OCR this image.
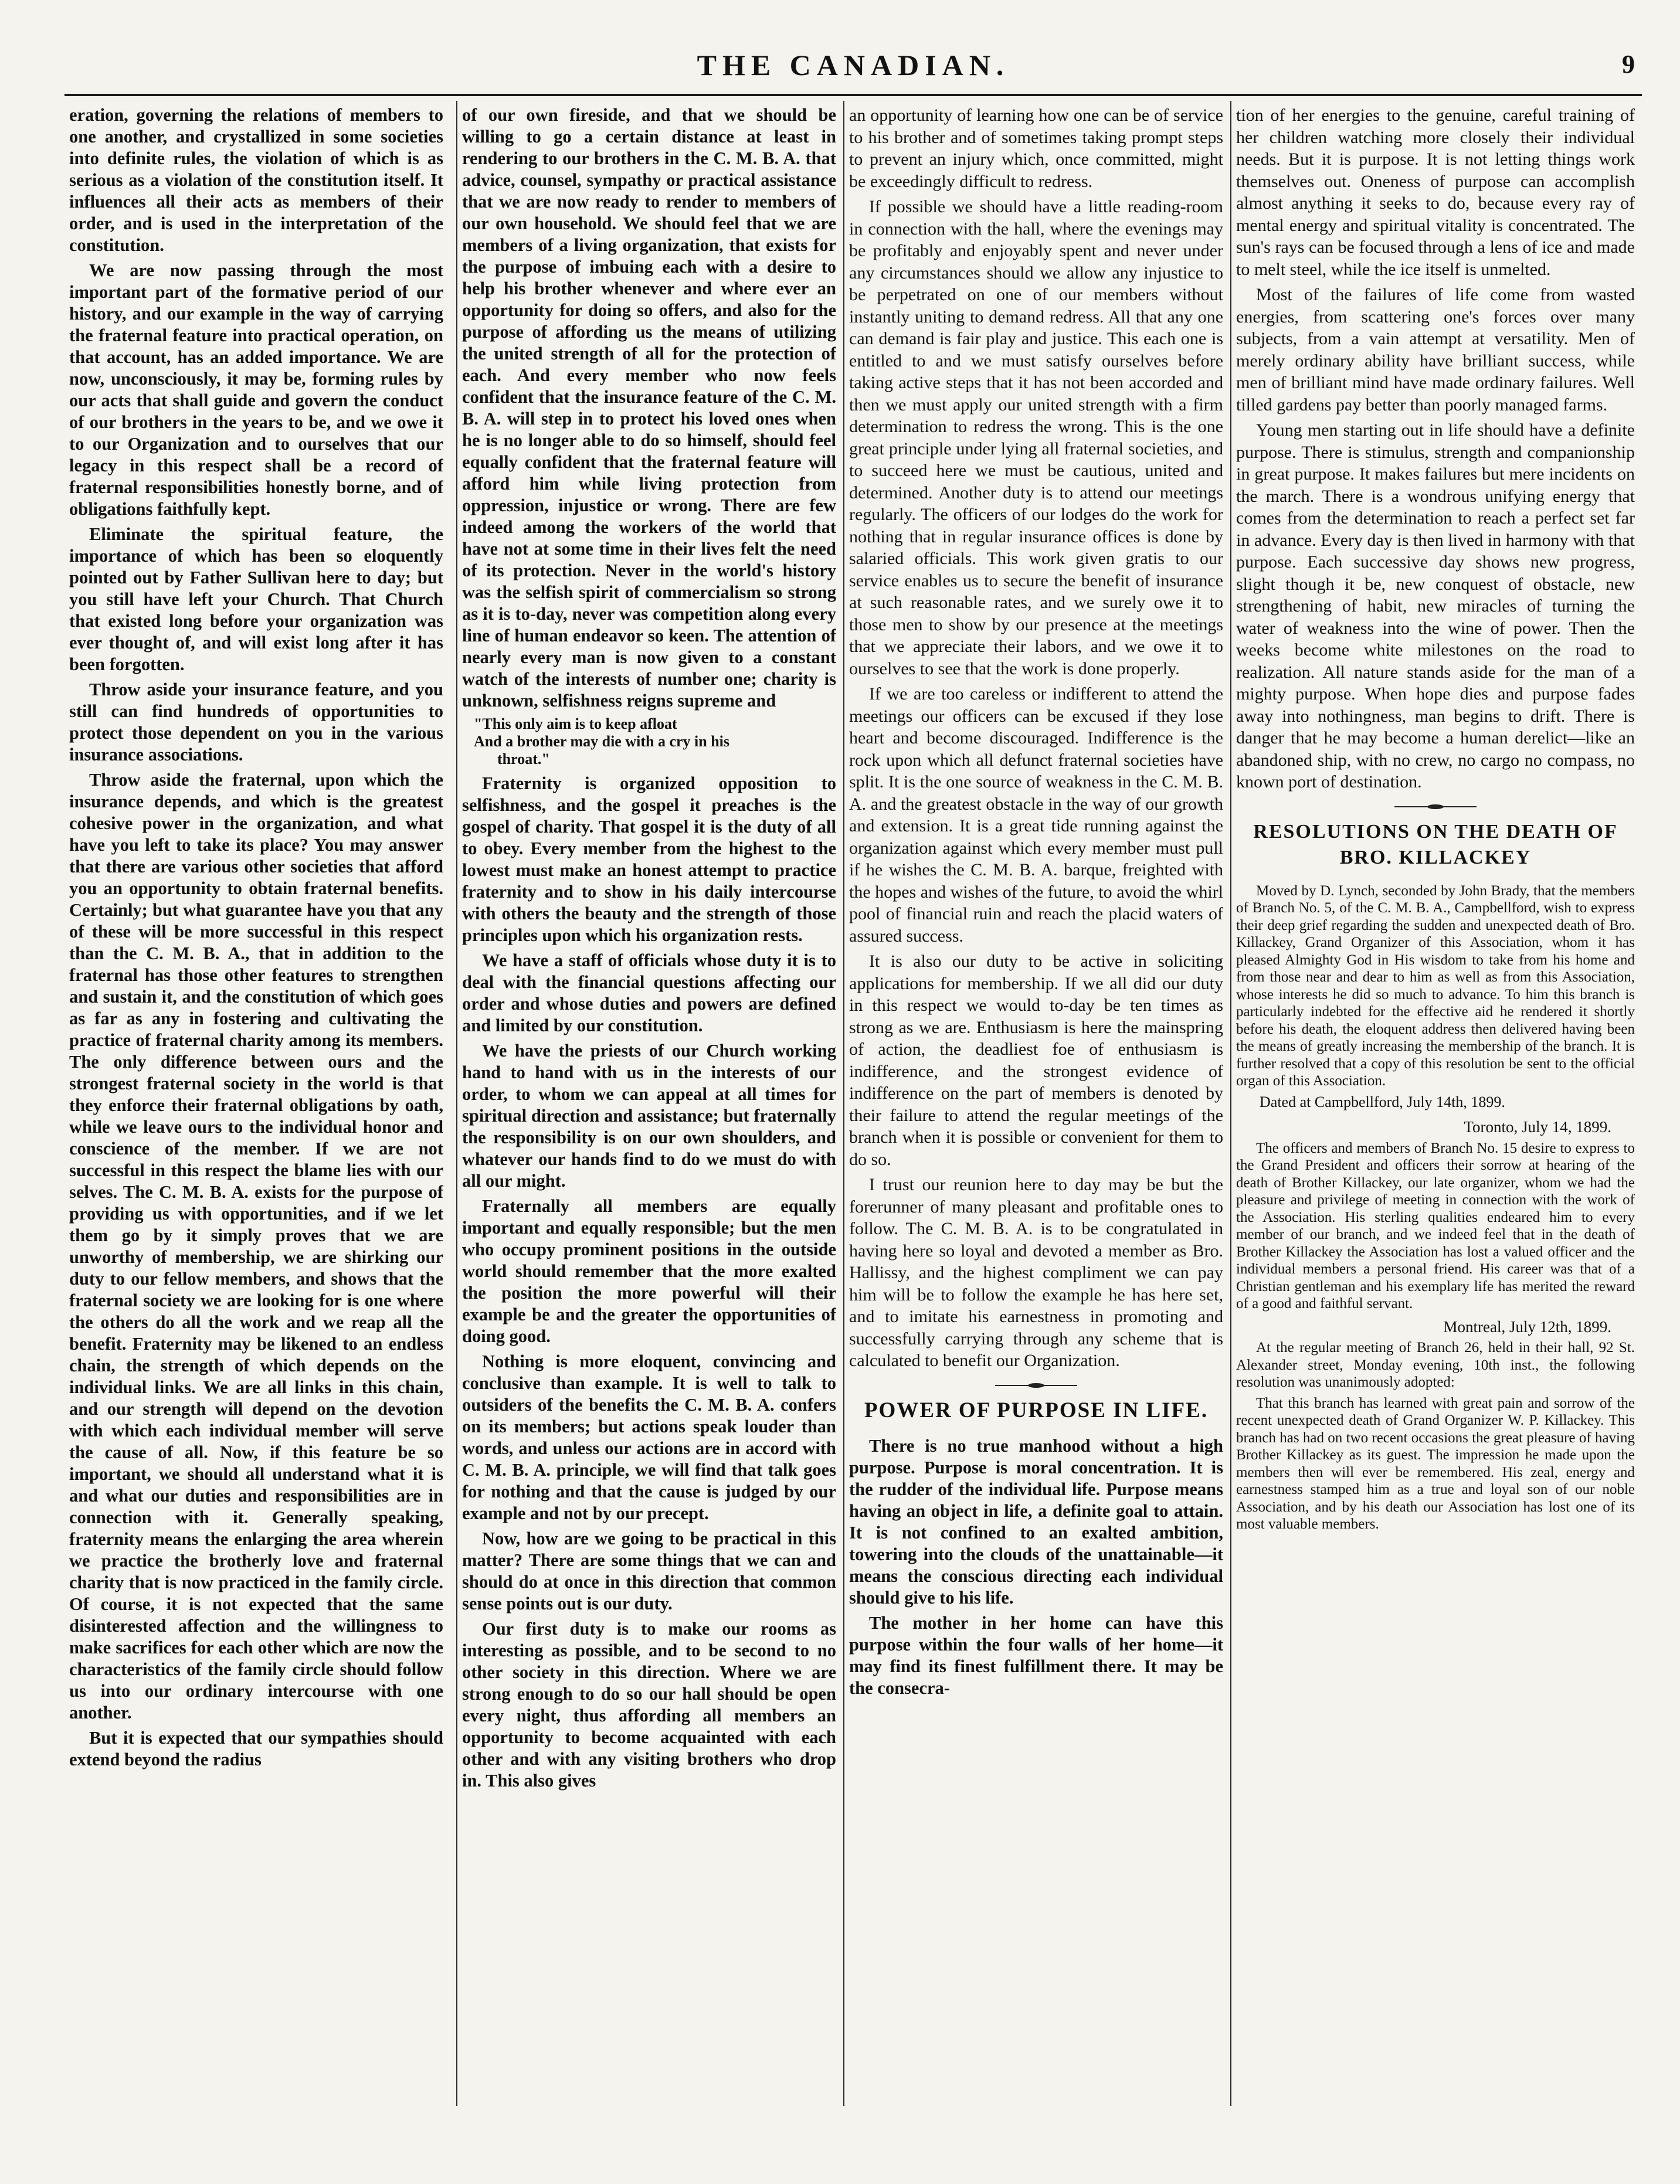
THE CANADIAN.	9

eration, governing the relations of members to one another, and crystallized in some societies into definite rules, the violation of which is as serious as a violation of the constitution itself. It influences all their acts as members of their order, and is used in the interpretation of the constitution.

We are now passing through the most important part of the formative period of our history, and our example in the way of carrying the fraternal feature into practical operation, on that account, has an added importance. We are now, unconsciously, it may be, forming rules by our acts that shall guide and govern the conduct of our brothers in the years to be, and we owe it to our Organization and to ourselves that our legacy in this respect shall be a record of fraternal responsibilities honestly borne, and of obligations faithfully kept.

Eliminate the spiritual feature, the importance of which has been so eloquently pointed out by Father Sullivan here to day; but you still have left your Church. That Church that existed long before your organization was ever thought of, and will exist long after it has been forgotten.

Throw aside your insurance feature, and you still can find hundreds of opportunities to protect those dependent on you in the various insurance associations.

Throw aside the fraternal, upon which the insurance depends, and which is the greatest cohesive power in the organization, and what have you left to take its place? You may answer that there are various other societies that afford you an opportunity to obtain fraternal benefits. Certainly; but what guarantee have you that any of these will be more successful in this respect than the C. M. B. A., that in addition to the fraternal has those other features to strengthen and sustain it, and the constitution of which goes as far as any in fostering and cultivating the practice of fraternal charity among its members. The only difference between ours and the strongest fraternal society in the world is that they enforce their fraternal obligations by oath, while we leave ours to the individual honor and conscience of the member. If we are not successful in this respect the blame lies with our selves. The C. M. B. A. exists for the purpose of providing us with opportunities, and if we let them go by it simply proves that we are unworthy of membership, we are shirking our duty to our fellow members, and shows that the fraternal society we are looking for is one where the others do all the work and we reap all the benefit. Fraternity may be likened to an endless chain, the strength of which depends on the individual links. We are all links in this chain, and our strength will depend on the devotion with which each individual member will serve the cause of all. Now, if this feature be so important, we should all understand what it is and what our duties and responsibilities are in connection with it. Generally speaking, fraternity means the enlarging the area wherein we practice the brotherly love and fraternal charity that is now practiced in the family circle. Of course, it is not expected that the same disinterested affection and the willingness to make sacrifices for each other which are now the characteristics of the family circle should follow us into our ordinary intercourse with one another.

But it is expected that our sympathies should extend beyond the radius

of our own fireside, and that we should be willing to go a certain distance at least in rendering to our brothers in the C. M. B. A. that advice, counsel, sympathy or practical assistance that we are now ready to render to members of our own household. We should feel that we are members of a living organization, that exists for the purpose of imbuing each with a desire to help his brother whenever and where ever an opportunity for doing so offers, and also for the purpose of affording us the means of utilizing the united strength of all for the protection of each. And every member who now feels confident that the insurance feature of the C. M. B. A. will step in to protect his loved ones when he is no longer able to do so himself, should feel equally confident that the fraternal feature will afford him while living protection from oppression, injustice or wrong. There are few indeed among the workers of the world that have not at some time in their lives felt the need of its protection. Never in the world's history was the selfish spirit of commercialism so strong as it is to-day, never was competition along every line of human endeavor so keen. The attention of nearly every man is now given to a constant watch of the interests of number one; charity is unknown, selfishness reigns supreme and

"This only aim is to keep afloat
And a brother may die with a cry in his
throat."

Fraternity is organized opposition to selfishness, and the gospel it preaches is the gospel of charity. That gospel it is the duty of all to obey. Every member from the highest to the lowest must make an honest attempt to practice fraternity and to show in his daily intercourse with others the beauty and the strength of those principles upon which his organization rests.

We have a staff of officials whose duty it is to deal with the financial questions affecting our order and whose duties and powers are defined and limited by our constitution.

We have the priests of our Church working hand to hand with us in the interests of our order, to whom we can appeal at all times for spiritual direction and assistance; but fraternally the responsibility is on our own shoulders, and whatever our hands find to do we must do with all our might.

Fraternally all members are equally important and equally responsible; but the men who occupy prominent positions in the outside world should remember that the more exalted the position the more powerful will their example be and the greater the opportunities of doing good.

Nothing is more eloquent, convincing and conclusive than example. It is well to talk to outsiders of the benefits the C. M. B. A. confers on its members; but actions speak louder than words, and unless our actions are in accord with C. M. B. A. principle, we will find that talk goes for nothing and that the cause is judged by our example and not by our precept.

Now, how are we going to be practical in this matter? There are some things that we can and should do at once in this direction that common sense points out is our duty.

Our first duty is to make our rooms as interesting as possible, and to be second to no other society in this direction. Where we are strong enough to do so our hall should be open every night, thus affording all members an opportunity to become acquainted with each other and with any visiting brothers who drop in. This also gives

an opportunity of learning how one can be of service to his brother and of sometimes taking prompt steps to prevent an injury which, once committed, might be exceedingly difficult to redress.

If possible we should have a little reading-room in connection with the hall, where the evenings may be profitably and enjoyably spent and never under any circumstances should we allow any injustice to be perpetrated on one of our members without instantly uniting to demand redress. All that any one can demand is fair play and justice. This each one is entitled to and we must satisfy ourselves before taking active steps that it has not been accorded and then we must apply our united strength with a firm determination to redress the wrong. This is the one great principle under lying all fraternal societies, and to succeed here we must be cautious, united and determined. Another duty is to attend our meetings regularly. The officers of our lodges do the work for nothing that in regular insurance offices is done by salaried officials. This work given gratis to our service enables us to secure the benefit of insurance at such reasonable rates, and we surely owe it to those men to show by our presence at the meetings that we appreciate their labors, and we owe it to ourselves to see that the work is done properly.

If we are too careless or indifferent to attend the meetings our officers can be excused if they lose heart and become discouraged. Indifference is the rock upon which all defunct fraternal societies have split. It is the one source of weakness in the C. M. B. A. and the greatest obstacle in the way of our growth and extension. It is a great tide running against the organization against which every member must pull if he wishes the C. M. B. A. barque, freighted with the hopes and wishes of the future, to avoid the whirl pool of financial ruin and reach the placid waters of assured success.

It is also our duty to be active in soliciting applications for membership. If we all did our duty in this respect we would to-day be ten times as strong as we are. Enthusiasm is here the mainspring of action, the deadliest foe of enthusiasm is indifference, and the strongest evidence of indifference on the part of members is denoted by their failure to attend the regular meetings of the branch when it is possible or convenient for them to do so.

I trust our reunion here to day may be but the forerunner of many pleasant and profitable ones to follow. The C. M. B. A. is to be congratulated in having here so loyal and devoted a member as Bro. Hallissy, and the highest compliment we can pay him will be to follow the example he has here set, and to imitate his earnestness in promoting and successfully carrying through any scheme that is calculated to benefit our Organization.

POWER OF PURPOSE IN LIFE.

There is no true manhood without a high purpose. Purpose is moral concentration. It is the rudder of the individual life. Purpose means having an object in life, a definite goal to attain. It is not confined to an exalted ambition, towering into the clouds of the unattainable—it means the conscious directing each individual should give to his life.

The mother in her home can have this purpose within the four walls of her home—it may find its finest fulfillment there. It may be the consecra-

tion of her energies to the genuine, careful training of her children watching more closely their individual needs. But it is purpose. It is not letting things work themselves out. Oneness of purpose can accomplish almost anything it seeks to do, because every ray of mental energy and spiritual vitality is concentrated. The sun's rays can be focused through a lens of ice and made to melt steel, while the ice itself is unmelted.

Most of the failures of life come from wasted energies, from scattering one's forces over many subjects, from a vain attempt at versatility. Men of merely ordinary ability have brilliant success, while men of brilliant mind have made ordinary failures. Well tilled gardens pay better than poorly managed farms.

Young men starting out in life should have a definite purpose. There is stimulus, strength and companionship in great purpose. It makes failures but mere incidents on the march. There is a wondrous unifying energy that comes from the determination to reach a perfect set far in advance. Every day is then lived in harmony with that purpose. Each successive day shows new progress, slight though it be, new conquest of obstacle, new strengthening of habit, new miracles of turning the water of weakness into the wine of power. Then the weeks become white milestones on the road to realization. All nature stands aside for the man of a mighty purpose. When hope dies and purpose fades away into nothingness, man begins to drift. There is danger that he may become a human derelict—like an abandoned ship, with no crew, no cargo no compass, no known port of destination.

RESOLUTIONS ON THE DEATH OF BRO. KILLACKEY

Moved by D. Lynch, seconded by John Brady, that the members of Branch No. 5, of the C. M. B. A., Campbellford, wish to express their deep grief regarding the sudden and unexpected death of Bro. Killackey, Grand Organizer of this Association, whom it has pleased Almighty God in His wisdom to take from his home and from those near and dear to him as well as from this Association, whose interests he did so much to advance. To him this branch is particularly indebted for the effective aid he rendered it shortly before his death, the eloquent address then delivered having been the means of greatly increasing the membership of the branch. It is further resolved that a copy of this resolution be sent to the official organ of this Association.

Dated at Campbellford, July 14th, 1899.
Toronto, July 14, 1899.

The officers and members of Branch No. 15 desire to express to the Grand President and officers their sorrow at hearing of the death of Brother Killackey, our late organizer, whom we had the pleasure and privilege of meeting in connection with the work of the Association. His sterling qualities endeared him to every member of our branch, and we indeed feel that in the death of Brother Killackey the Association has lost a valued officer and the individual members a personal friend. His career was that of a Christian gentleman and his exemplary life has merited the reward of a good and faithful servant.

Montreal, July 12th, 1899.

At the regular meeting of Branch 26, held in their hall, 92 St. Alexander street, Monday evening, 10th inst., the following resolution was unanimously adopted:

That this branch has learned with great pain and sorrow of the recent unexpected death of Grand Organizer W. P. Killackey. This branch has had on two recent occasions the great pleasure of having Brother Killackey as its guest. The impression he made upon the members then will ever be remembered. His zeal, energy and earnestness stamped him as a true and loyal son of our noble Association, and by his death our Association has lost one of its most valuable members.
